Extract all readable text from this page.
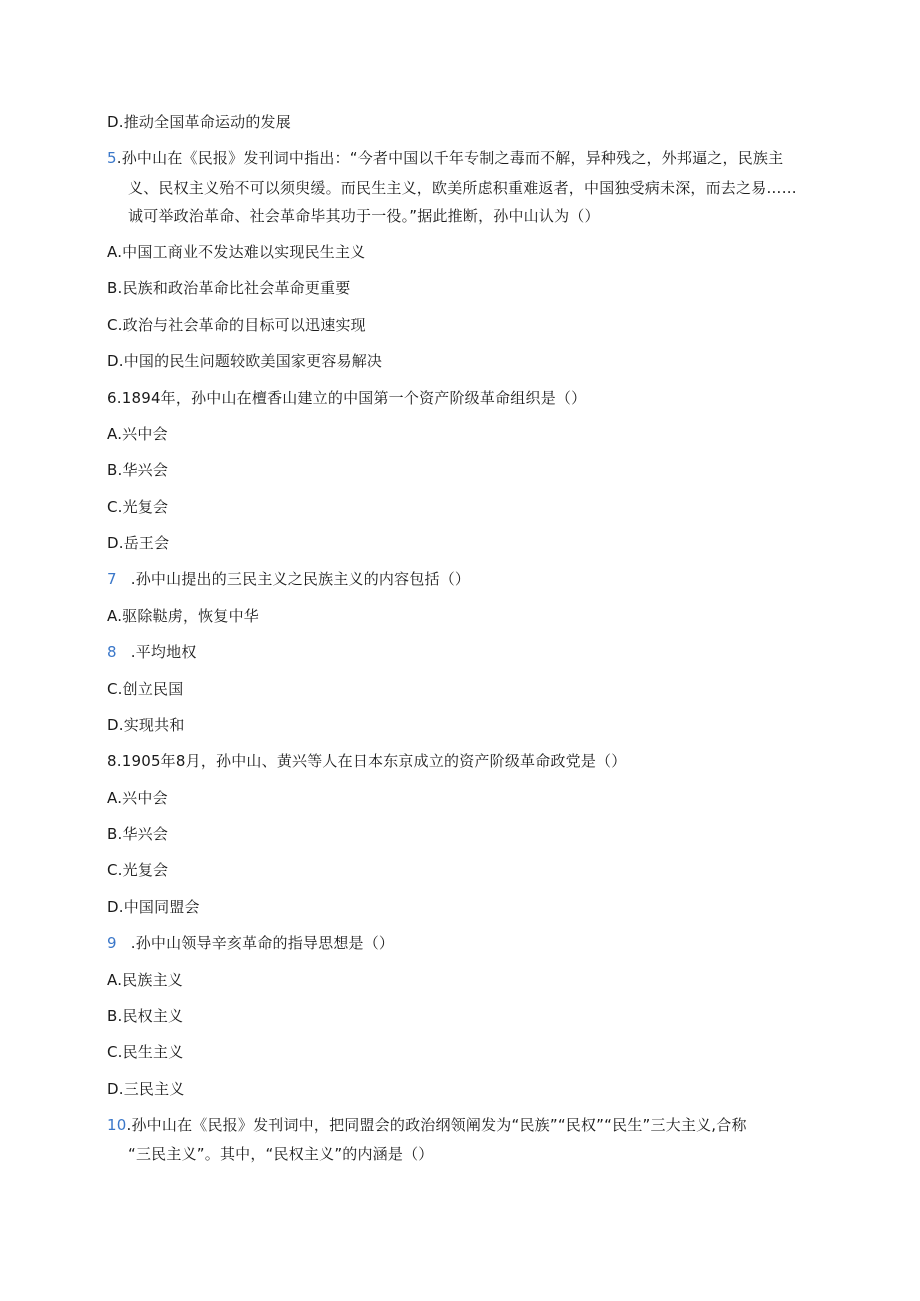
D.推动全国革命运动的发展
5.孙中山在《民报》发刊词中指出：“今者中国以千年专制之毒而不解，异种残之，外邦逼之，民族主
义、民权主义殆不可以须臾缓。而民生主义，欧美所虑积重难返者，中国独受病未深，而去之易……
诚可举政治革命、社会革命毕其功于一役。”据此推断，孙中山认为（）
A.中国工商业不发达难以实现民生主义
B.民族和政治革命比社会革命更重要
C.政治与社会革命的目标可以迅速实现
D.中国的民生问题较欧美国家更容易解决
6.1894年，孙中山在檀香山建立的中国第一个资产阶级革命组织是（）
A.兴中会
B.华兴会
C.光复会
D.岳王会
7 .孙中山提出的三民主义之民族主义的内容包括（）
A.驱除鞑虏，恢复中华
8 .平均地权
C.创立民国
D.实现共和
8.1905年8月，孙中山、黄兴等人在日本东京成立的资产阶级革命政党是（）
A.兴中会
B.华兴会
C.光复会
D.中国同盟会
9 .孙中山领导辛亥革命的指导思想是（）
A.民族主义
B.民权主义
C.民生主义
D.三民主义
10.孙中山在《民报》发刊词中，把同盟会的政治纲领阐发为“民族”“民权”“民生”三大主义,合称
“三民主义”。其中，“民权主义”的内涵是（）
